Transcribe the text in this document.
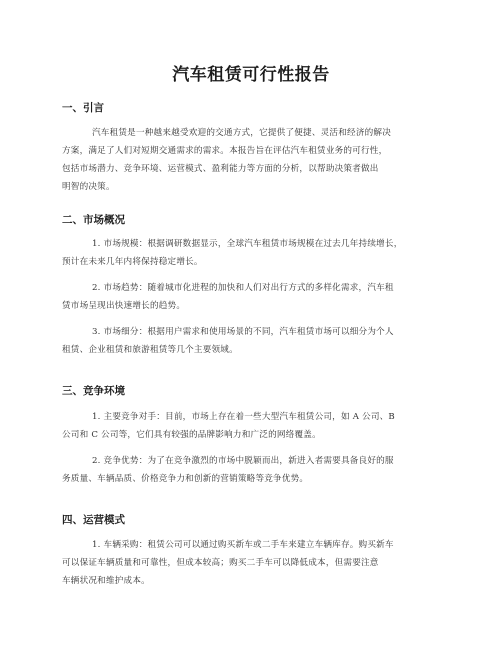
汽车租赁可行性报告
一、引言
汽车租赁是一种越来越受欢迎的交通方式，它提供了便捷、灵活和经济的解决
方案，满足了人们对短期交通需求的需求。本报告旨在评估汽车租赁业务的可行性，
包括市场潜力、竞争环境、运营模式、盈利能力等方面的分析，以帮助决策者做出
明智的决策。
二、市场概况
1. 市场规模：根据调研数据显示，全球汽车租赁市场规模在过去几年持续增长，
预计在未来几年内将保持稳定增长。
2. 市场趋势：随着城市化进程的加快和人们对出行方式的多样化需求，汽车租
赁市场呈现出快速增长的趋势。
3. 市场细分：根据用户需求和使用场景的不同，汽车租赁市场可以细分为个人
租赁、企业租赁和旅游租赁等几个主要领域。
三、竞争环境
1. 主要竞争对手：目前，市场上存在着一些大型汽车租赁公司，如 A 公司、B
公司和 C 公司等，它们具有较强的品牌影响力和广泛的网络覆盖。
2. 竞争优势：为了在竞争激烈的市场中脱颖而出，新进入者需要具备良好的服
务质量、车辆品质、价格竞争力和创新的营销策略等竞争优势。
四、运营模式
1. 车辆采购：租赁公司可以通过购买新车或二手车来建立车辆库存。购买新车
可以保证车辆质量和可靠性，但成本较高；购买二手车可以降低成本，但需要注意
车辆状况和维护成本。
